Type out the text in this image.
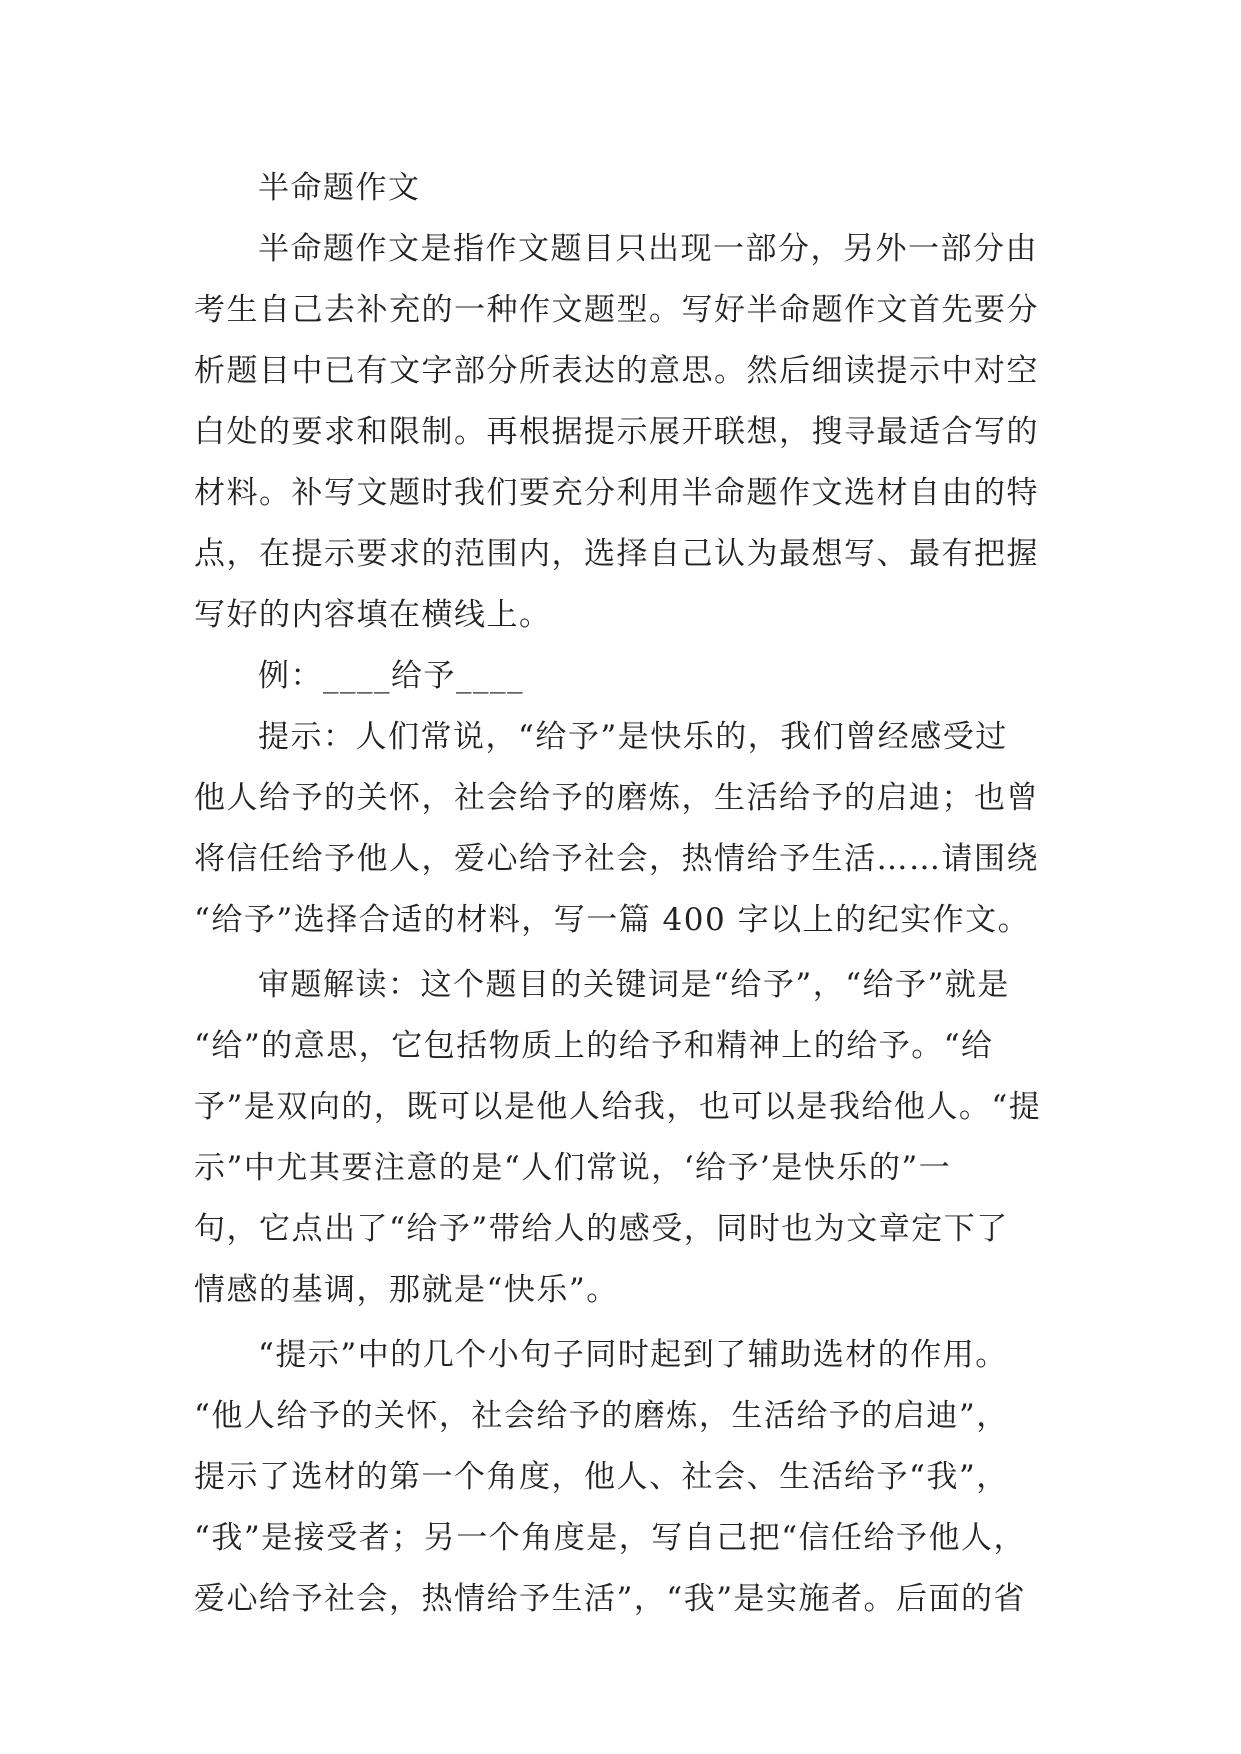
半命题作文
半命题作文是指作文题目只出现一部分，另外一部分由
考生自己去补充的一种作文题型。写好半命题作文首先要分
析题目中已有文字部分所表达的意思。然后细读提示中对空
白处的要求和限制。再根据提示展开联想，搜寻最适合写的
材料。补写文题时我们要充分利用半命题作文选材自由的特
点，在提示要求的范围内，选择自己认为最想写、最有把握
写好的内容填在横线上。
例：____给予____
提示：人们常说，“给予”是快乐的，我们曾经感受过
他人给予的关怀，社会给予的磨炼，生活给予的启迪；也曾
将信任给予他人，爱心给予社会，热情给予生活……请围绕
“给予”选择合适的材料，写一篇 400 字以上的纪实作文。
审题解读：这个题目的关键词是“给予”，“给予”就是
“给”的意思，它包括物质上的给予和精神上的给予。“给
予”是双向的，既可以是他人给我，也可以是我给他人。“提
示”中尤其要注意的是“人们常说，‘给予’是快乐的”一
句，它点出了“给予”带给人的感受，同时也为文章定下了
情感的基调，那就是“快乐”。
“提示”中的几个小句子同时起到了辅助选材的作用。
“他人给予的关怀，社会给予的磨炼，生活给予的启迪”，
提示了选材的第一个角度，他人、社会、生活给予“我”，
“我”是接受者；另一个角度是，写自己把“信任给予他人，
爱心给予社会，热情给予生活”，“我”是实施者。后面的省
